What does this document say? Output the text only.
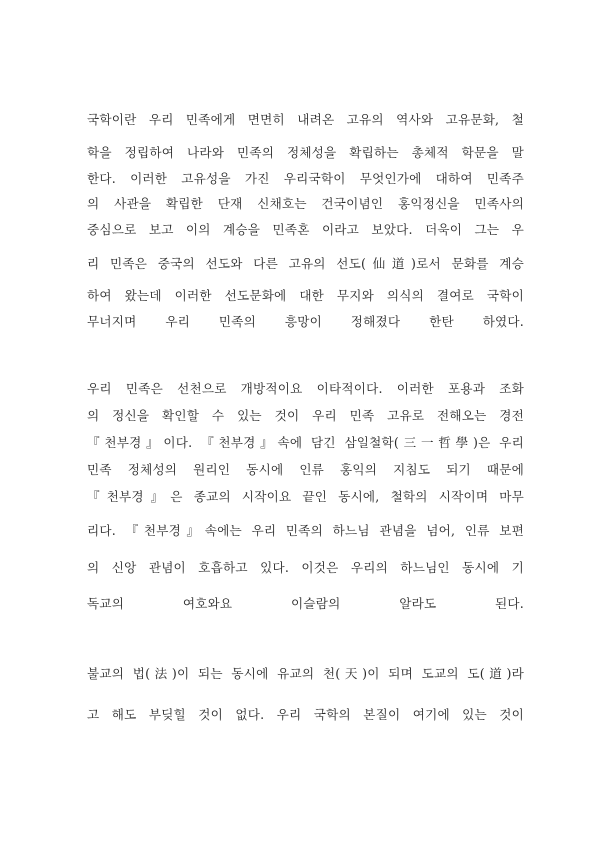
국학이란 우리 민족에게 면면히 내려온 고유의 역사와 고유문화, 철
학을 정립하여 나라와 민족의 정체성을 확립하는 총체적 학문을 말
한다. 이러한 고유성을 가진 우리국학이 무엇인가에 대하여 민족주
의 사관을 확립한 단재 신채호는 건국이념인 홍익정신을 민족사의
중심으로 보고 이의 계승을 민족혼 이라고 보았다. 더욱이 그는 우
리 민족은 중국의 선도와 다른 고유의 선도(仙道)로서 문화를 계승
하여 왔는데 이러한 선도문화에 대한 무지와 의식의 결여로 국학이
무너지며 우리 민족의 흥망이 정해졌다 한탄 하였다.
우리 민족은 선천으로 개방적이요 이타적이다. 이러한 포용과 조화
의 정신을 확인할 수 있는 것이 우리 민족 고유로 전해오는 경전
『천부경』이다. 『천부경』속에 담긴 삼일철학(三一哲學)은 우리
민족 정체성의 원리인 동시에 인류 홍익의 지침도 되기 때문에
『천부경』은 종교의 시작이요 끝인 동시에, 철학의 시작이며 마무
리다. 『천부경』속에는 우리 민족의 하느님 관념을 넘어, 인류 보편
의 신앙 관념이 호흡하고 있다. 이것은 우리의 하느님인 동시에 기
독교의 여호와요 이슬람의 알라도 된다.
불교의 법(法)이 되는 동시에 유교의 천(天)이 되며 도교의 도(道)라
고 해도 부딪힐 것이 없다. 우리 국학의 본질이 여기에 있는 것이
